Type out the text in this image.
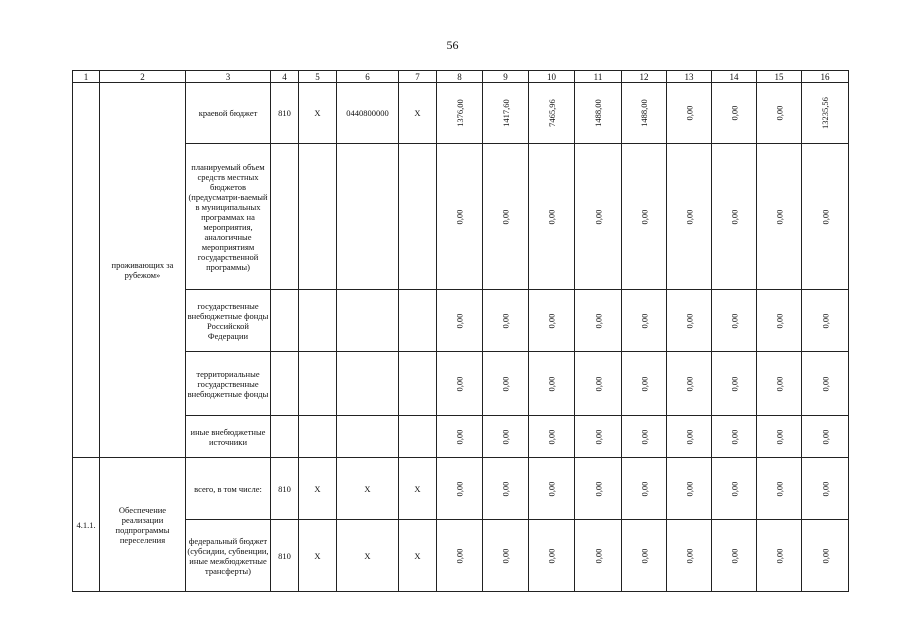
56
1	2	3	4	5	6	7	8	9	10	11	12	13	14	15	16
	проживающих за рубежом»	краевой бюджет	810	X	0440800000	X	1376,00	1417,60	7465,96	1488,00	1488,00	0,00	0,00	0,00	13235,56
		планируемый объем средств местных бюджетов (предусматри-ваемый в муниципальных программах на мероприятия, аналогичные мероприятиям государственной программы)					0,00	0,00	0,00	0,00	0,00	0,00	0,00	0,00	0,00
		государственные внебюджетные фонды Российской Федерации					0,00	0,00	0,00	0,00	0,00	0,00	0,00	0,00	0,00
		территориальные государственные внебюджетные фонды					0,00	0,00	0,00	0,00	0,00	0,00	0,00	0,00	0,00
		иные внебюджетные источники					0,00	0,00	0,00	0,00	0,00	0,00	0,00	0,00	0,00
4.1.1.	Обеспечение реализации подпрограммы переселения	всего, в том числе:	810	X	X	X	0,00	0,00	0,00	0,00	0,00	0,00	0,00	0,00	0,00
		федеральный бюджет (субсидии, субвенции, иные межбюджетные трансферты)	810	X	X	X	0,00	0,00	0,00	0,00	0,00	0,00	0,00	0,00	0,00
